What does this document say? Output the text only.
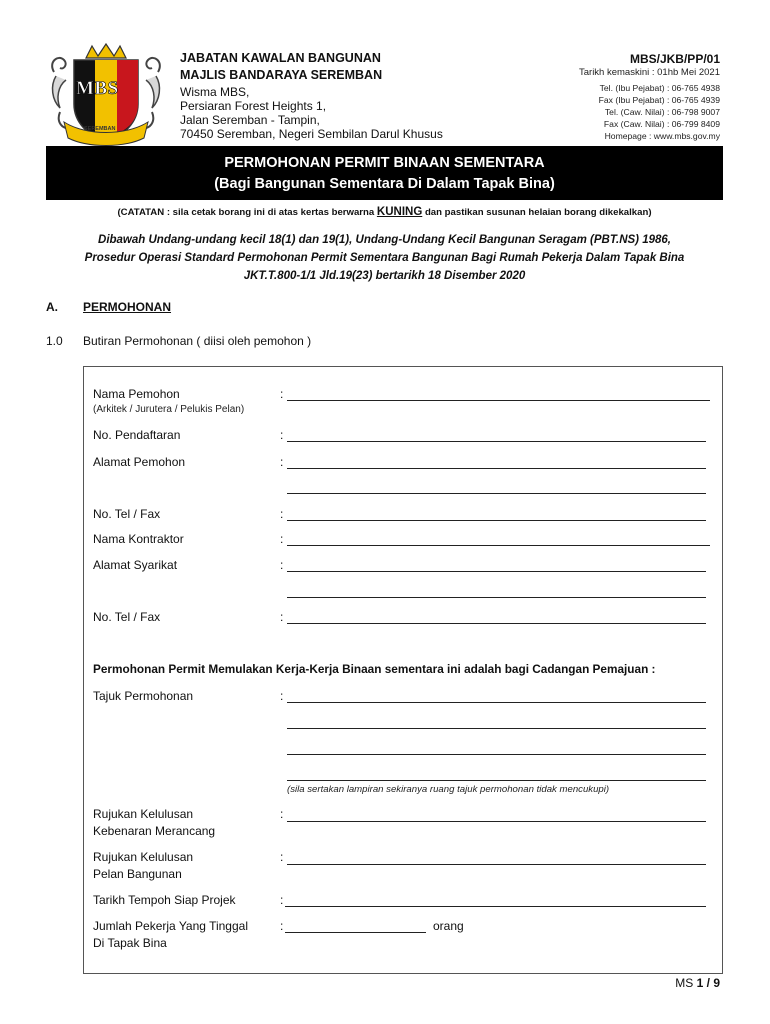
MBS
SEREMBAN
JABATAN KAWALAN BANGUNAN
MAJLIS BANDARAYA SEREMBAN
Wisma MBS,
Persiaran Forest Heights 1,
Jalan Seremban - Tampin,
70450 Seremban, Negeri Sembilan Darul Khusus
MBS/JKB/PP/01
Tarikh kemaskini : 01hb Mei 2021
Tel. (Ibu Pejabat) : 06-765 4938
Fax (Ibu Pejabat) : 06-765 4939
Tel. (Caw. Nilai) : 06-798 9007
Fax (Caw. Nilai) : 06-799 8409
Homepage : www.mbs.gov.my
PERMOHONAN PERMIT BINAAN SEMENTARA
(Bagi Bangunan Sementara Di Dalam Tapak Bina)
(CATATAN : sila cetak borang ini di atas kertas berwarna KUNING dan pastikan susunan helaian borang dikekalkan)
Dibawah Undang-undang kecil 18(1) dan 19(1), Undang-Undang Kecil Bangunan Seragam (PBT.NS) 1986,
Prosedur Operasi Standard Permohonan Permit Sementara Bangunan Bagi Rumah Pekerja Dalam Tapak Bina
JKT.T.800-1/1 Jld.19(23) bertarikh 18 Disember 2020
A. PERMOHONAN
1.0 Butiran Permohonan ( diisi oleh pemohon )
Nama Pemohon
(Arkitek / Jurutera / Pelukis Pelan)
:
No. Pendaftaran	:
Alamat Pemohon	:
No. Tel / Fax	:
Nama Kontraktor	:
Alamat Syarikat	:
No. Tel / Fax	:
Permohonan Permit Memulakan Kerja-Kerja Binaan sementara ini adalah bagi Cadangan Pemajuan :
Tajuk Permohonan	:
(sila sertakan lampiran sekiranya ruang tajuk permohonan tidak mencukupi)
Rujukan Kelulusan
Kebenaran Merancang
:
Rujukan Kelulusan
Pelan Bangunan
:
Tarikh Tempoh Siap Projek	:
Jumlah Pekerja Yang Tinggal
Di Tapak Bina
:	orang
MS 1 / 9
